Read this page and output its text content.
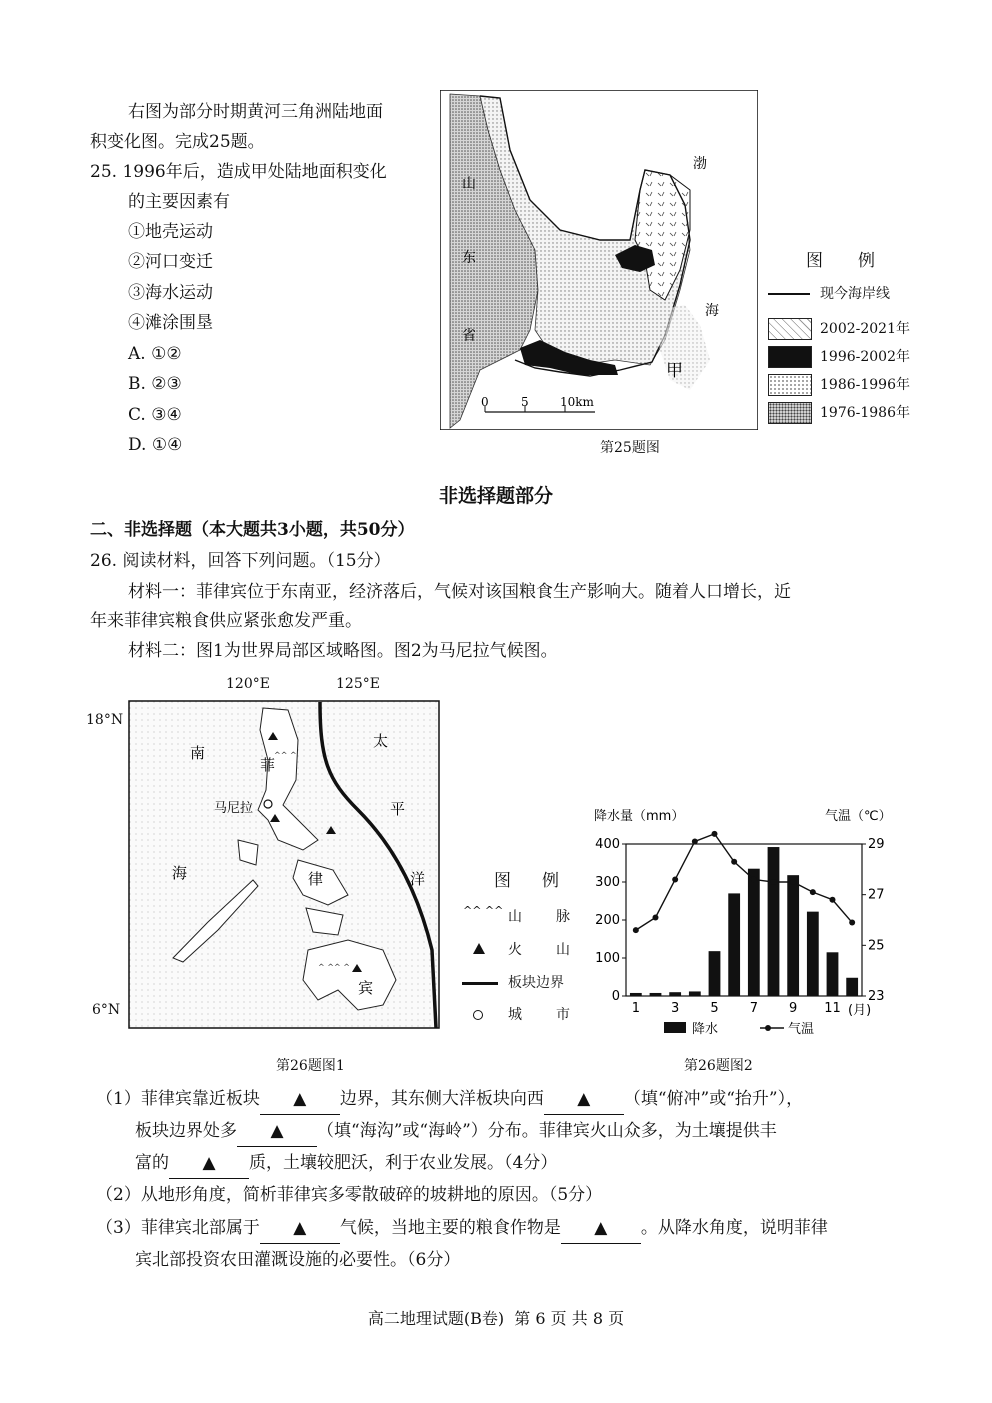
右图为部分时期黄河三角洲陆地面
积变化图。完成25题。
25. 1996年后，造成甲处陆地面积变化
的主要因素有
①地壳运动
②河口变迁
③海水运动
④滩涂围垦
A. ①②
B. ②③
C. ③④
D. ①④
渤
海
山
东
省
甲
0	5	10km
图 例
现今海岸线
2002-2021年
1996-2002年
1986-1996年
1976-1986年
第25题图
非选择题部分
二、非选择题（本大题共3小题，共50分）
26. 阅读材料，回答下列问题。（15分）
材料一：菲律宾位于东南亚，经济落后，气候对该国粮食生产影响大。随着人口增长，近
年来菲律宾粮食供应紧张愈发严重。
材料二：图1为世界局部区域略图。图2为马尼拉气候图。
120°E	125°E
18°N
6°N
^^ ^
^ ^^ ^
南
海
菲
律
宾
太
平
洋
马尼拉
图 例
^^ ^^ 山 脉
火 山
板块边界
城 市
降水量（mm）	气温（℃）
0
100
200
300
400
23
25
27
29
1 3 5 7 9 11 (月)
降水	气温
第26题图1	第26题图2
（1）菲律宾靠近板块 ▲ 边界，其东侧大洋板块向西 ▲ （填“俯冲”或“抬升”），
板块边界处多 ▲ （填“海沟”或“海岭”）分布。菲律宾火山众多，为土壤提供丰
富的 ▲ 质，土壤较肥沃，利于农业发展。（4分）
（2）从地形角度，简析菲律宾多零散破碎的坡耕地的原因。（5分）
（3）菲律宾北部属于 ▲ 气候，当地主要的粮食作物是 ▲ 。从降水角度，说明菲律
宾北部投资农田灌溉设施的必要性。（6分）
高二地理试题(B卷)  第 6 页 共 8 页
